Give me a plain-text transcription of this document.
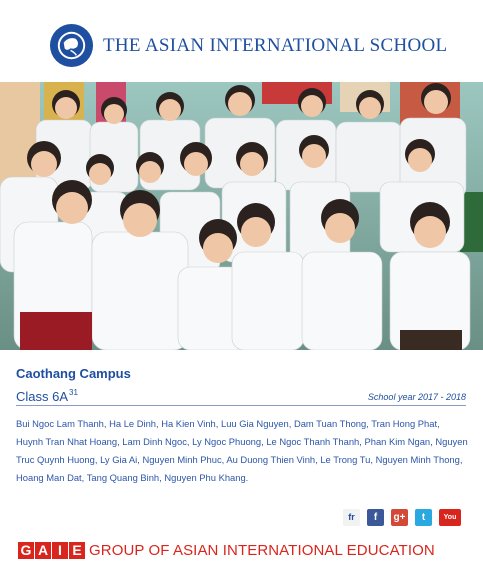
THE ASIAN INTERNATIONAL SCHOOL
Caothang Campus
Class $6A^{31}$	School year 2017 - 2018
Bui Ngoc Lam Thanh, Ha Le Dinh, Ha Kien Vinh, Luu Gia Nguyen, Dam Tuan Thong, Tran Hong Phat, Huynh Tran Nhat Hoang, Lam Dinh Ngoc, Ly Ngoc Phuong, Le Ngoc Thanh Thanh, Phan Kim Ngan, Nguyen Truc Quynh Huong, Ly Gia Ai, Nguyen Minh Phuc, Au Duong Thien Vinh, Le Trong Tu, Nguyen Minh Thong, Hoang Man Dat, Tang Quang Binh, Nguyen Phu Khang.
fr	f	g+	t	You Tube
G A I E GROUP OF ASIAN INTERNATIONAL EDUCATION
